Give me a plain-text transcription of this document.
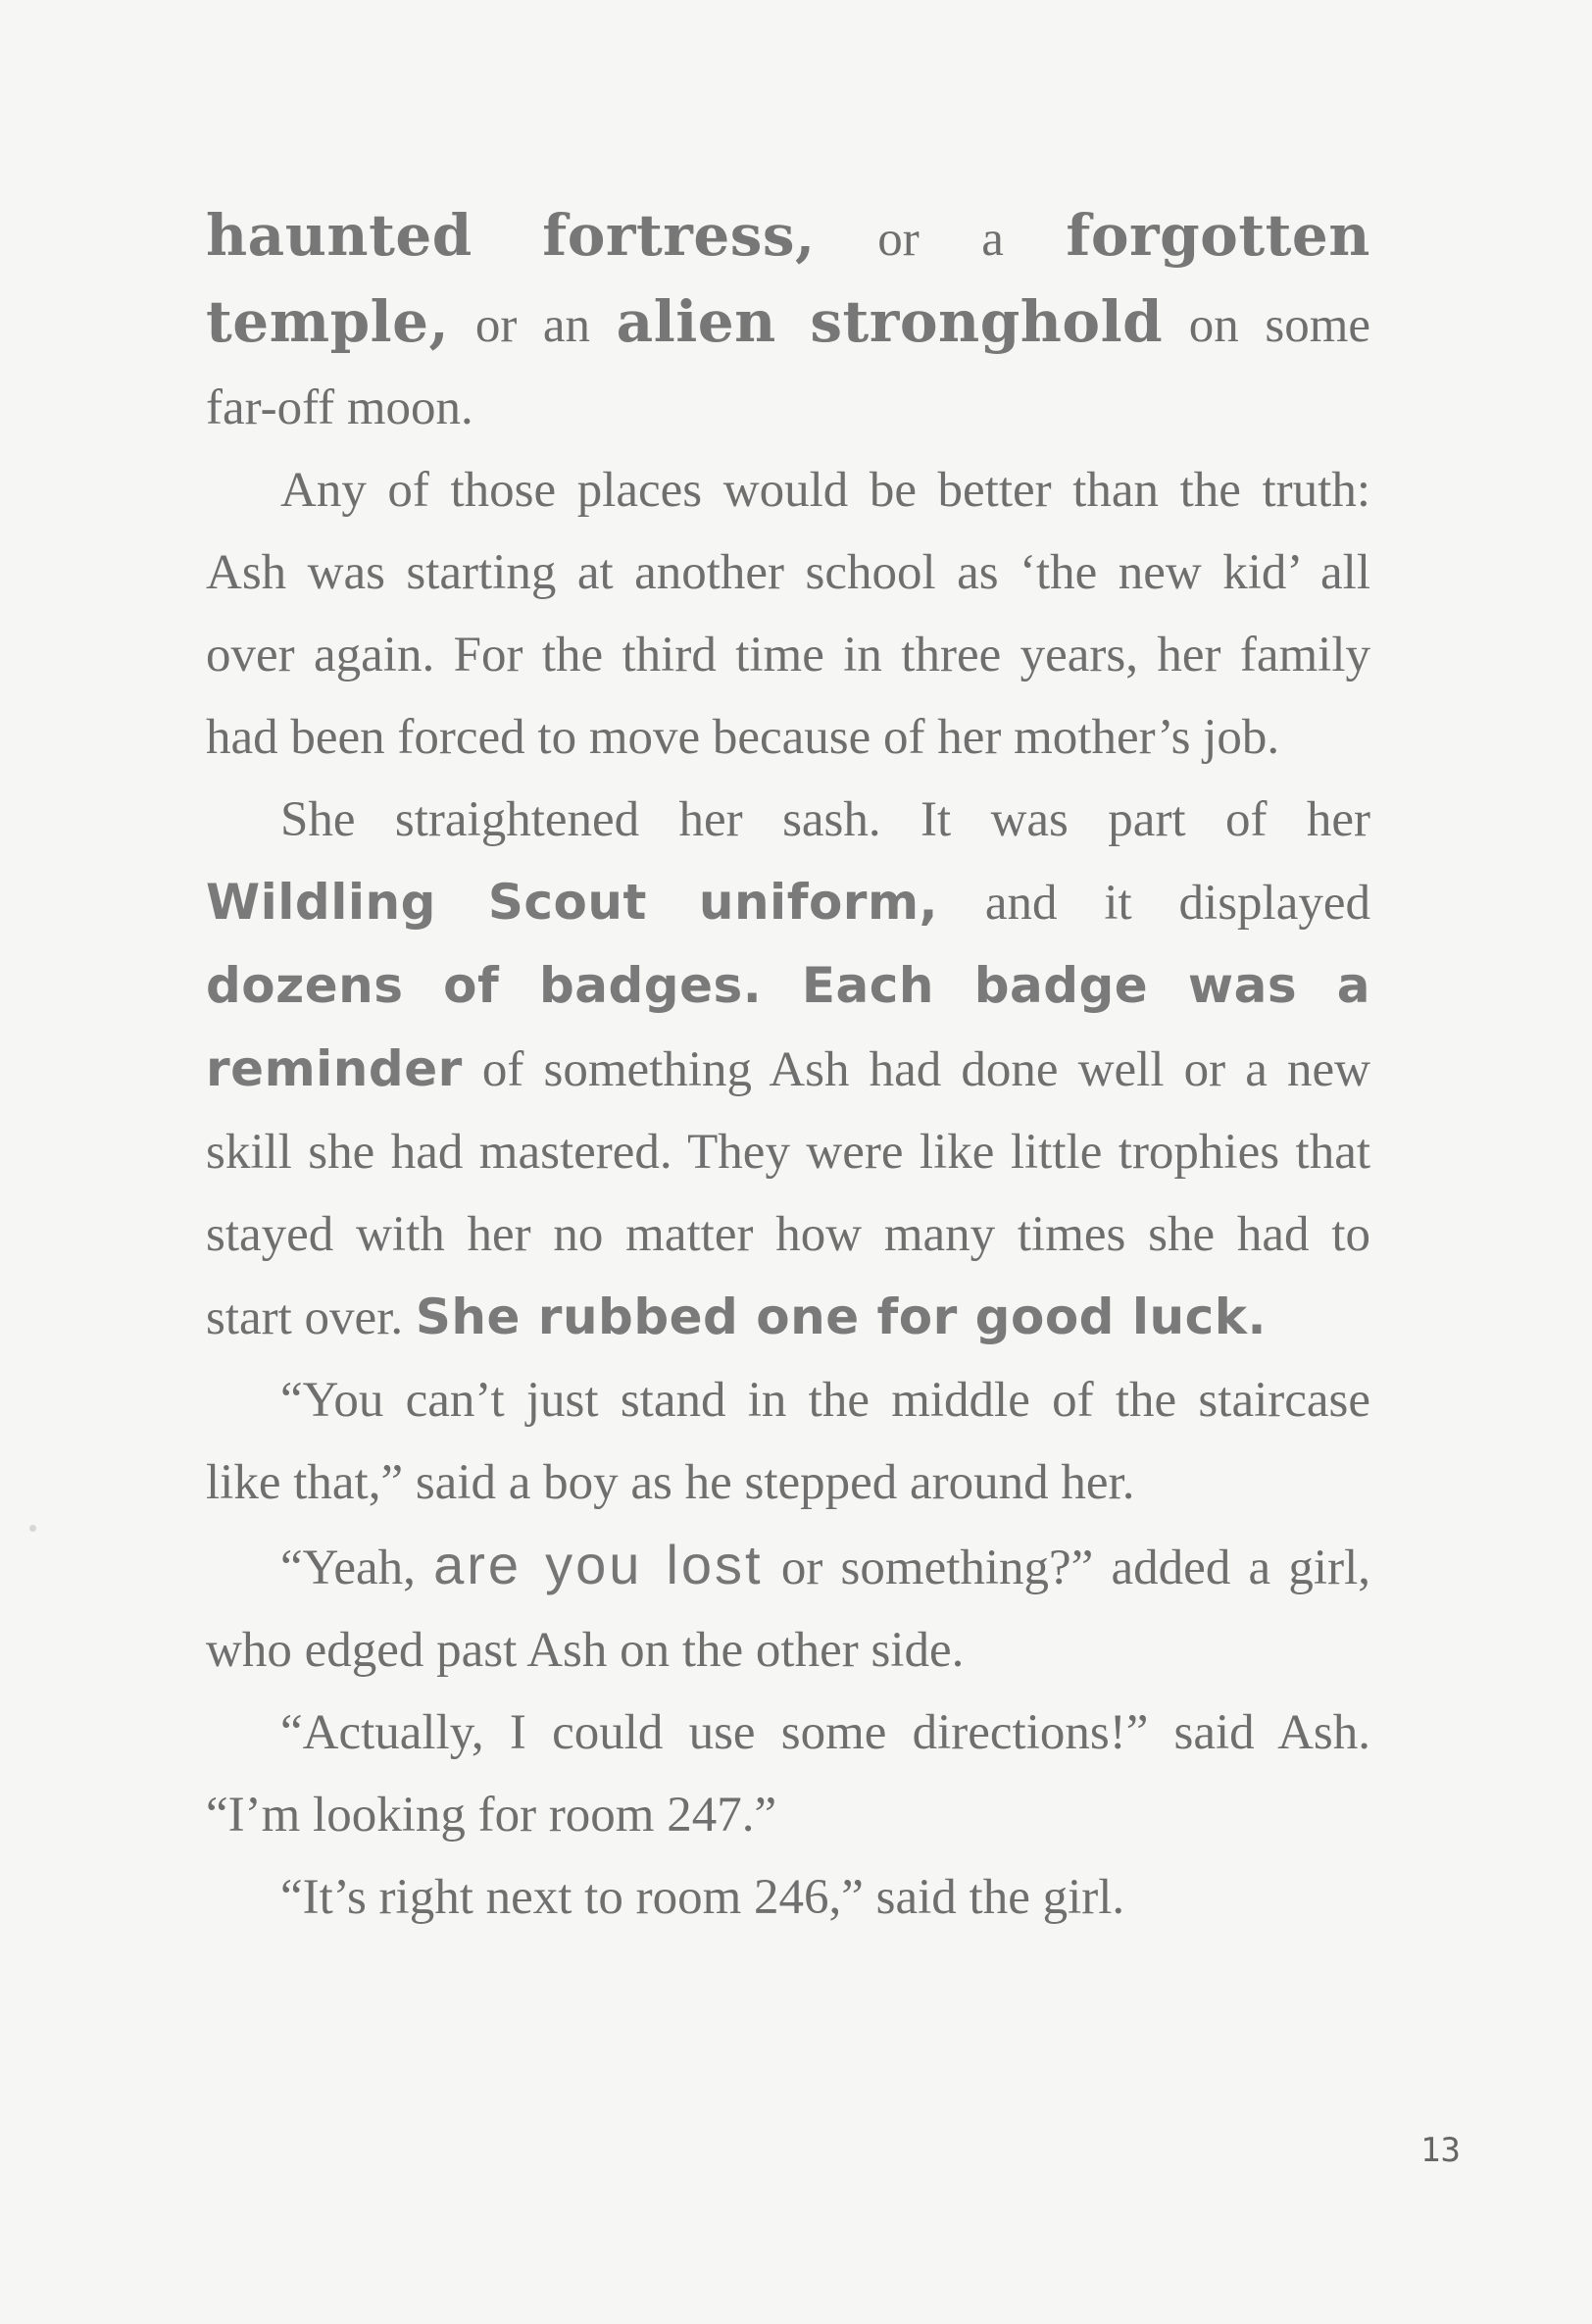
haunted fortress, or a forgotten temple, or an alien stronghold on some far-off moon.

Any of those places would be better than the truth: Ash was starting at another school as ‘the new kid’ all over again. For the third time in three years, her family had been forced to move because of her mother’s job.

She straightened her sash. It was part of her Wildling Scout uniform, and it displayed dozens of badges. Each badge was a reminder of something Ash had done well or a new skill she had mastered. They were like little trophies that stayed with her no matter how many times she had to start over. She rubbed one for good luck.

“You can’t just stand in the middle of the staircase like that,” said a boy as he stepped around her.

“Yeah, are you lost or something?” added a girl, who edged past Ash on the other side.

“Actually, I could use some directions!” said Ash. “I’m looking for room 247.”

“It’s right next to room 246,” said the girl.

13
